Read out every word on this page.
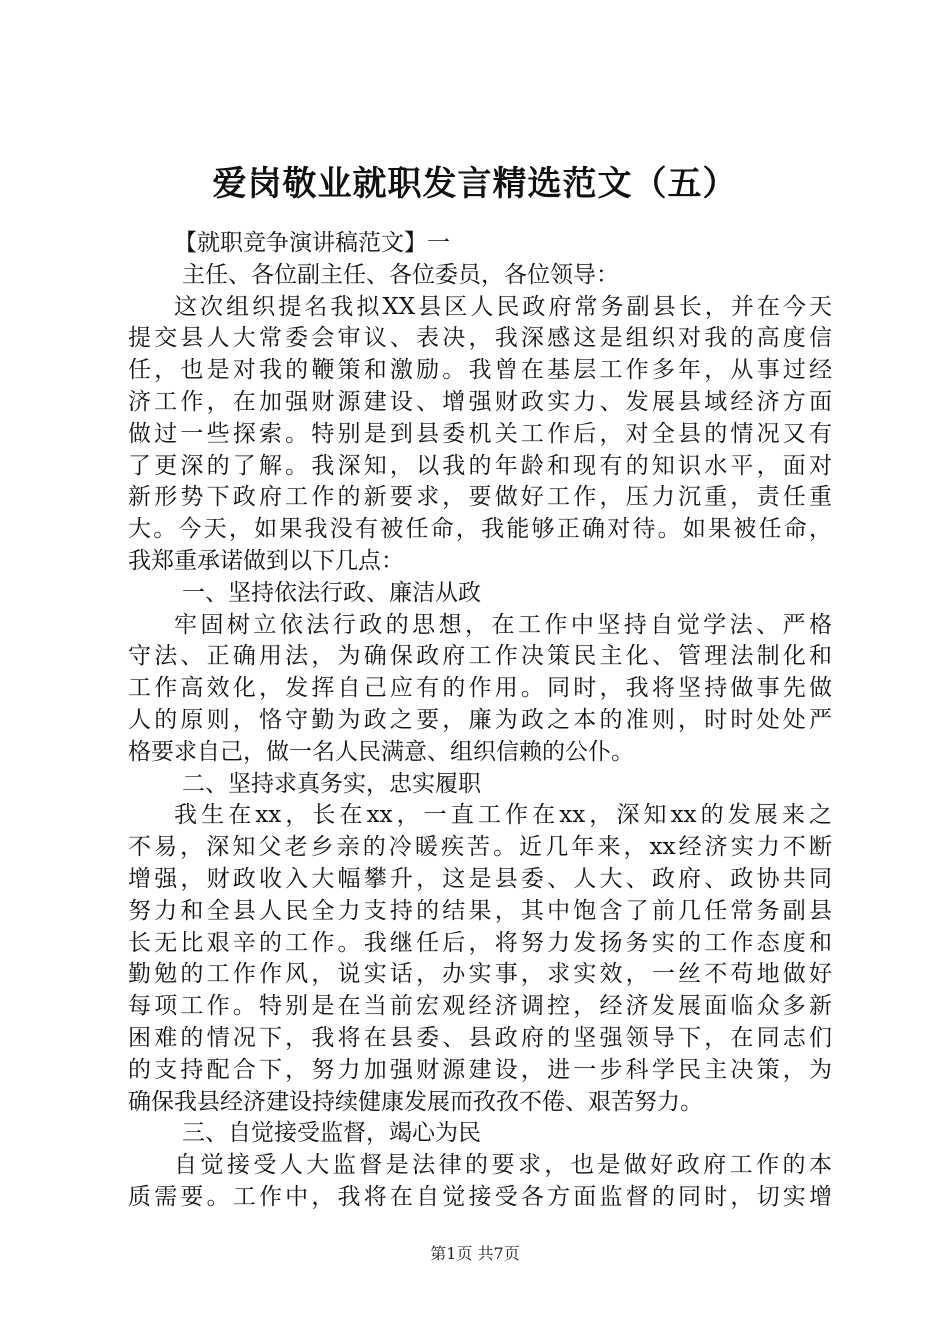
爱岗敬业就职发言精选范文（五）
【就职竞争演讲稿范文】一
主任、各位副主任、各位委员，各位领导：
这次组织提名我拟XX县区人民政府常务副县长，并在今天
提交县人大常委会审议、表决，我深感这是组织对我的高度信
任，也是对我的鞭策和激励。我曾在基层工作多年，从事过经
济工作，在加强财源建设、增强财政实力、发展县域经济方面
做过一些探索。特别是到县委机关工作后，对全县的情况又有
了更深的了解。我深知，以我的年龄和现有的知识水平，面对
新形势下政府工作的新要求，要做好工作，压力沉重，责任重
大。今天，如果我没有被任命，我能够正确对待。如果被任命，
我郑重承诺做到以下几点：
一、坚持依法行政、廉洁从政
牢固树立依法行政的思想，在工作中坚持自觉学法、严格
守法、正确用法，为确保政府工作决策民主化、管理法制化和
工作高效化，发挥自己应有的作用。同时，我将坚持做事先做
人的原则，恪守勤为政之要，廉为政之本的准则，时时处处严
格要求自己，做一名人民满意、组织信赖的公仆。
二、坚持求真务实，忠实履职
我生在xx，长在xx，一直工作在xx，深知xx的发展来之
不易，深知父老乡亲的冷暖疾苦。近几年来，xx经济实力不断
增强，财政收入大幅攀升，这是县委、人大、政府、政协共同
努力和全县人民全力支持的结果，其中饱含了前几任常务副县
长无比艰辛的工作。我继任后，将努力发扬务实的工作态度和
勤勉的工作作风，说实话，办实事，求实效，一丝不苟地做好
每项工作。特别是在当前宏观经济调控，经济发展面临众多新
困难的情况下，我将在县委、县政府的坚强领导下，在同志们
的支持配合下，努力加强财源建设，进一步科学民主决策，为
确保我县经济建设持续健康发展而孜孜不倦、艰苦努力。
三、自觉接受监督，竭心为民
自觉接受人大监督是法律的要求，也是做好政府工作的本
质需要。工作中，我将在自觉接受各方面监督的同时，切实增
第1页 共7页
